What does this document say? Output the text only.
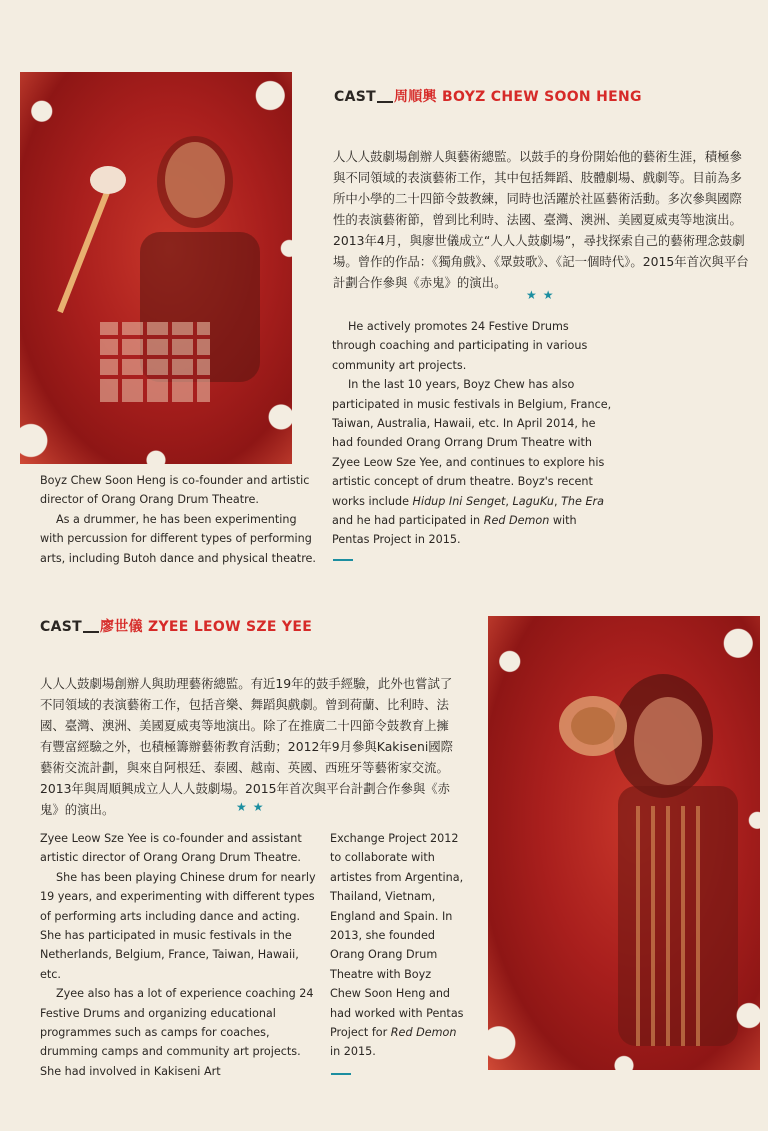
CAST 周順興 BOYZ CHEW SOON HENG
人人人鼓劇場創辦人與藝術總監。以鼓手的身份開始他的藝術生涯，積極參與不同領域的表演藝術工作，其中包括舞蹈、肢體劇場、戲劇等。目前為多所中小學的二十四節令鼓教練，同時也活躍於社區藝術活動。多次參與國際性的表演藝術節，曾到比利時、法國、臺灣、澳洲、美國夏威夷等地演出。2013年4月，與廖世儀成立“人人人鼓劇場”，尋找探索自己的藝術理念鼓劇場。曾作的作品：《獨角戲》、《眾鼓歌》、《記一個時代》。2015年首次與平台計劃合作參與《赤鬼》的演出。
★★

He actively promotes 24 Festive Drums through coaching and participating in various community art projects.

In the last 10 years, Boyz Chew has also participated in music festivals in Belgium, France, Taiwan, Australia, Hawaii, etc. In April 2014, he had founded Orang Orrang Drum Theatre with Zyee Leow Sze Yee, and continues to explore his artistic concept of drum theatre. Boyz's recent works include Hidup Ini Senget, LaguKu, The Era and he had participated in Red Demon with Pentas Project in 2015.

Boyz Chew Soon Heng is co-founder and artistic director of Orang Orang Drum Theatre.

As a drummer, he has been experimenting with percussion for different types of performing arts, including Butoh dance and physical theatre.

CAST 廖世儀 ZYEE LEOW SZE YEE
人人人鼓劇場創辦人與助理藝術總監。有近19年的鼓手經驗，此外也嘗試了不同領域的表演藝術工作，包括音樂、舞蹈與戲劇。曾到荷蘭、比利時、法國、臺灣、澳洲、美國夏威夷等地演出。除了在推廣二十四節令鼓教育上擁有豐富經驗之外，也積極籌辦藝術教育活動；2012年9月參與Kakiseni國際藝術交流計劃，與來自阿根廷、泰國、越南、英國、西班牙等藝術家交流。2013年與周順興成立人人人鼓劇場。2015年首次與平台計劃合作參與《赤鬼》的演出。	★★

Zyee Leow Sze Yee is co-founder and assistant artistic director of Orang Orang Drum Theatre.

She has been playing Chinese drum for nearly 19 years, and experimenting with different types of performing arts including dance and acting. She has participated in music festivals in the Netherlands, Belgium, France, Taiwan, Hawaii, etc.

Zyee also has a lot of experience coaching 24 Festive Drums and organizing educational programmes such as camps for coaches, drumming camps and community art projects. She had involved in Kakiseni Art

Exchange Project 2012 to collaborate with artistes from Argentina, Thailand, Vietnam, England and Spain. In 2013, she founded Orang Orang Drum Theatre with Boyz Chew Soon Heng and had worked with Pentas Project for Red Demon in 2015.
